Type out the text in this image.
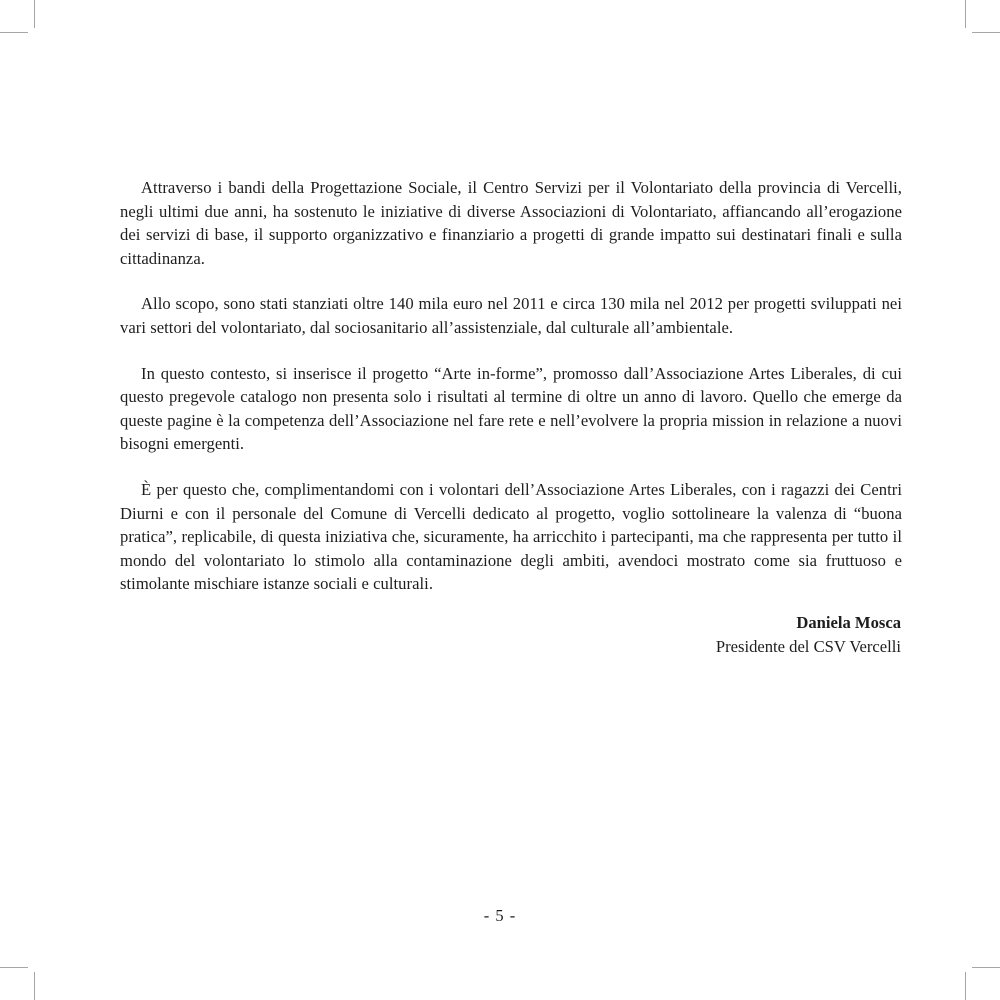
Attraverso i bandi della Progettazione Sociale, il Centro Servizi per il Volontariato della provincia di Vercelli, negli ultimi due anni, ha sostenuto le iniziative di diverse Associazioni di Volontariato, affiancando all’erogazione dei servizi di base, il supporto organizzativo e finanziario a progetti di grande impatto sui destinatari finali e sulla cittadinanza.

Allo scopo, sono stati stanziati oltre 140 mila euro nel 2011 e circa 130 mila nel 2012 per progetti sviluppati nei vari settori del volontariato, dal sociosanitario all’assistenziale, dal culturale all’ambientale.

In questo contesto, si inserisce il progetto “Arte in-forme”, promosso dall’Associazione Artes Liberales, di cui questo pregevole catalogo non presenta solo i risultati al termine di oltre un anno di lavoro. Quello che emerge da queste pagine è la competenza dell’Associazione nel fare rete e nell’evolvere la propria mission in relazione a nuovi bisogni emergenti.

È per questo che, complimentandomi con i volontari dell’Associazione Artes Liberales, con i ragazzi dei Centri Diurni e con il personale del Comune di Vercelli dedicato al progetto, voglio sottolineare la valenza di “buona pratica”, replicabile, di questa iniziativa che, sicuramente, ha arricchito i partecipanti, ma che rappresenta per tutto il mondo del volontariato lo stimolo alla contaminazione degli ambiti, avendoci mostrato come sia fruttuoso e stimolante mischiare istanze sociali e culturali.

Daniela Mosca
Presidente del CSV Vercelli
- 5 -
